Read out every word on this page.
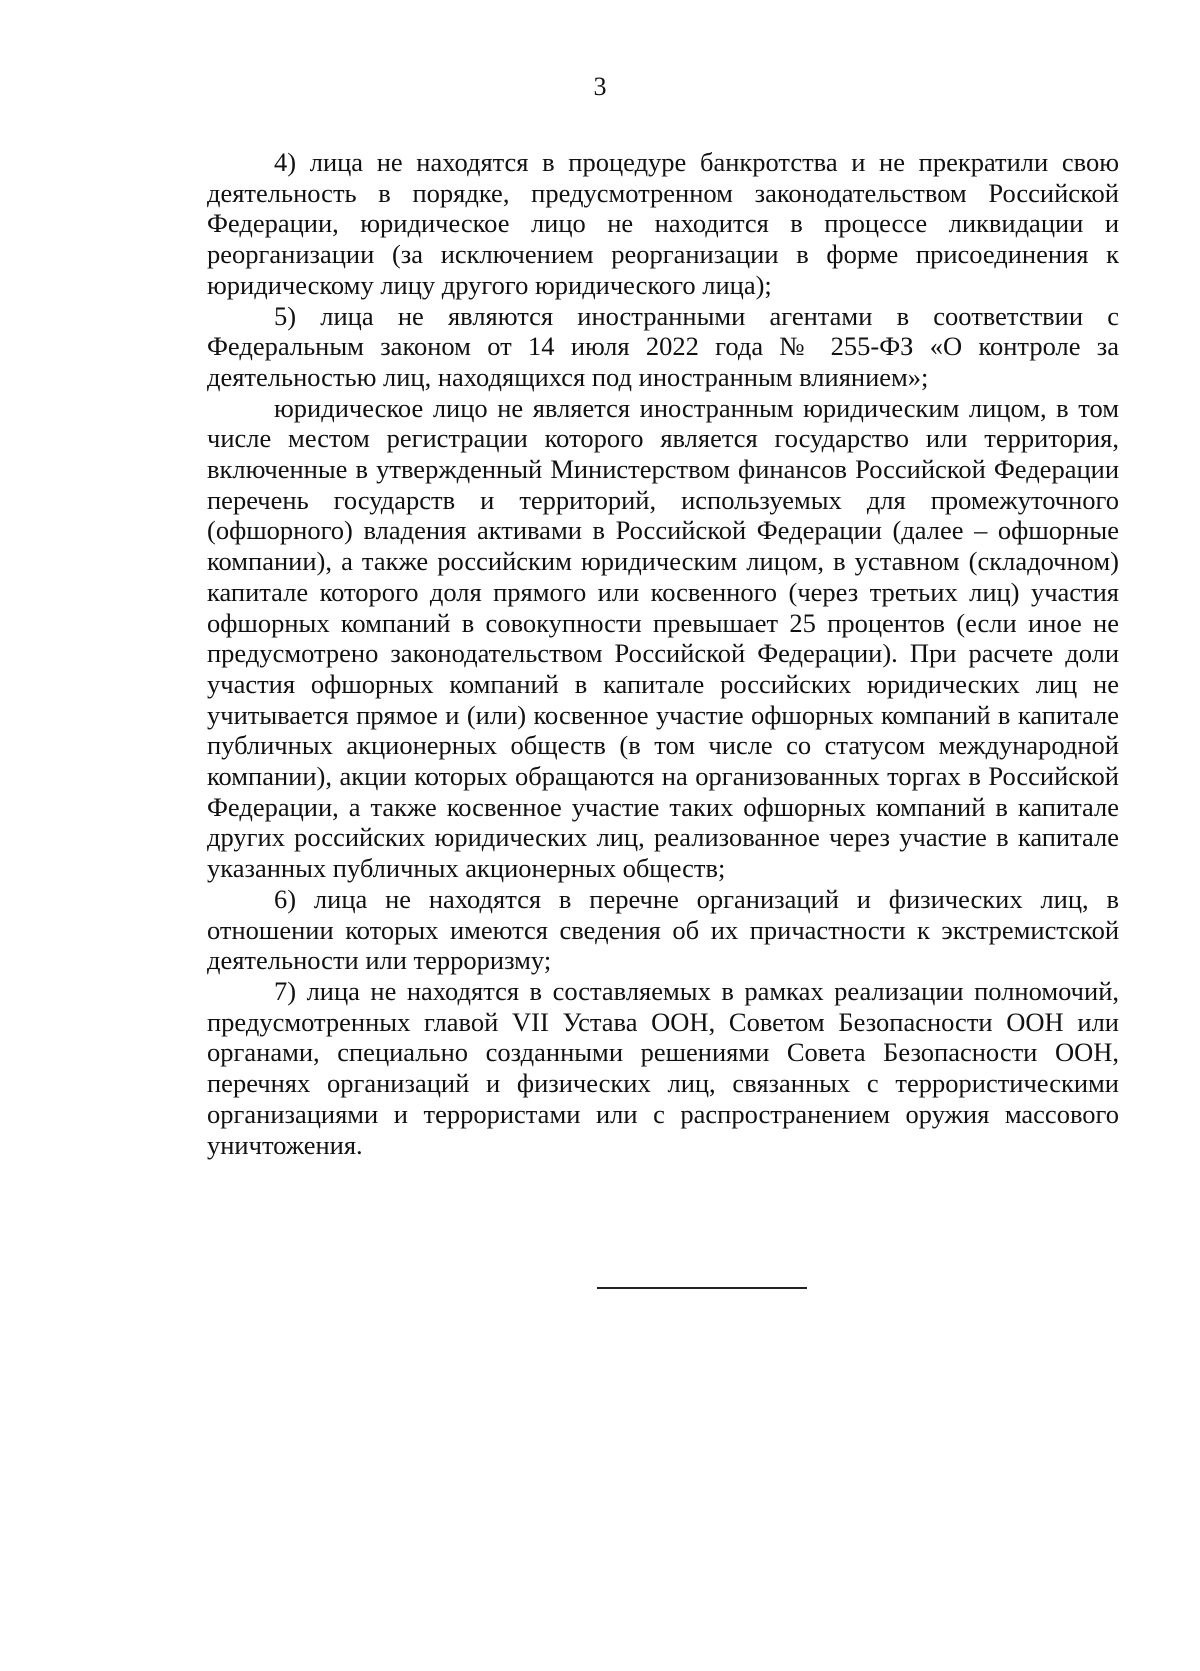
3

4) лица не находятся в процедуре банкротства и не прекратили свою деятельность в порядке, предусмотренном законодательством Российской Федерации, юридическое лицо не находится в процессе ликвидации и реорганизации (за исключением реорганизации в форме присоединения к юридическому лицу другого юридического лица);

5) лица не являются иностранными агентами в соответствии с Федеральным законом от 14 июля 2022 года № 255-ФЗ «О контроле за деятельностью лиц, находящихся под иностранным влиянием»;

юридическое лицо не является иностранным юридическим лицом, в том числе местом регистрации которого является государство или территория, включенные в утвержденный Министерством финансов Российской Федерации перечень государств и территорий, используемых для промежуточного (офшорного) владения активами в Российской Федерации (далее – офшорные компании), а также российским юридическим лицом, в уставном (складочном) капитале которого доля прямого или косвенного (через третьих лиц) участия офшорных компаний в совокупности превышает 25 процентов (если иное не предусмотрено законодательством Российской Федерации). При расчете доли участия офшорных компаний в капитале российских юридических лиц не учитывается прямое и (или) косвенное участие офшорных компаний в капитале публичных акционерных обществ (в том числе со статусом международной компании), акции которых обращаются на организованных торгах в Российской Федерации, а также косвенное участие таких офшорных компаний в капитале других российских юридических лиц, реализованное через участие в капитале указанных публичных акционерных обществ;

6) лица не находятся в перечне организаций и физических лиц, в отношении которых имеются сведения об их причастности к экстремистской деятельности или терроризму;

7) лица не находятся в составляемых в рамках реализации полномочий, предусмотренных главой VII Устава ООН, Советом Безопасности ООН или органами, специально созданными решениями Совета Безопасности ООН, перечнях организаций и физических лиц, связанных с террористическими организациями и террористами или с распространением оружия массового уничтожения.
